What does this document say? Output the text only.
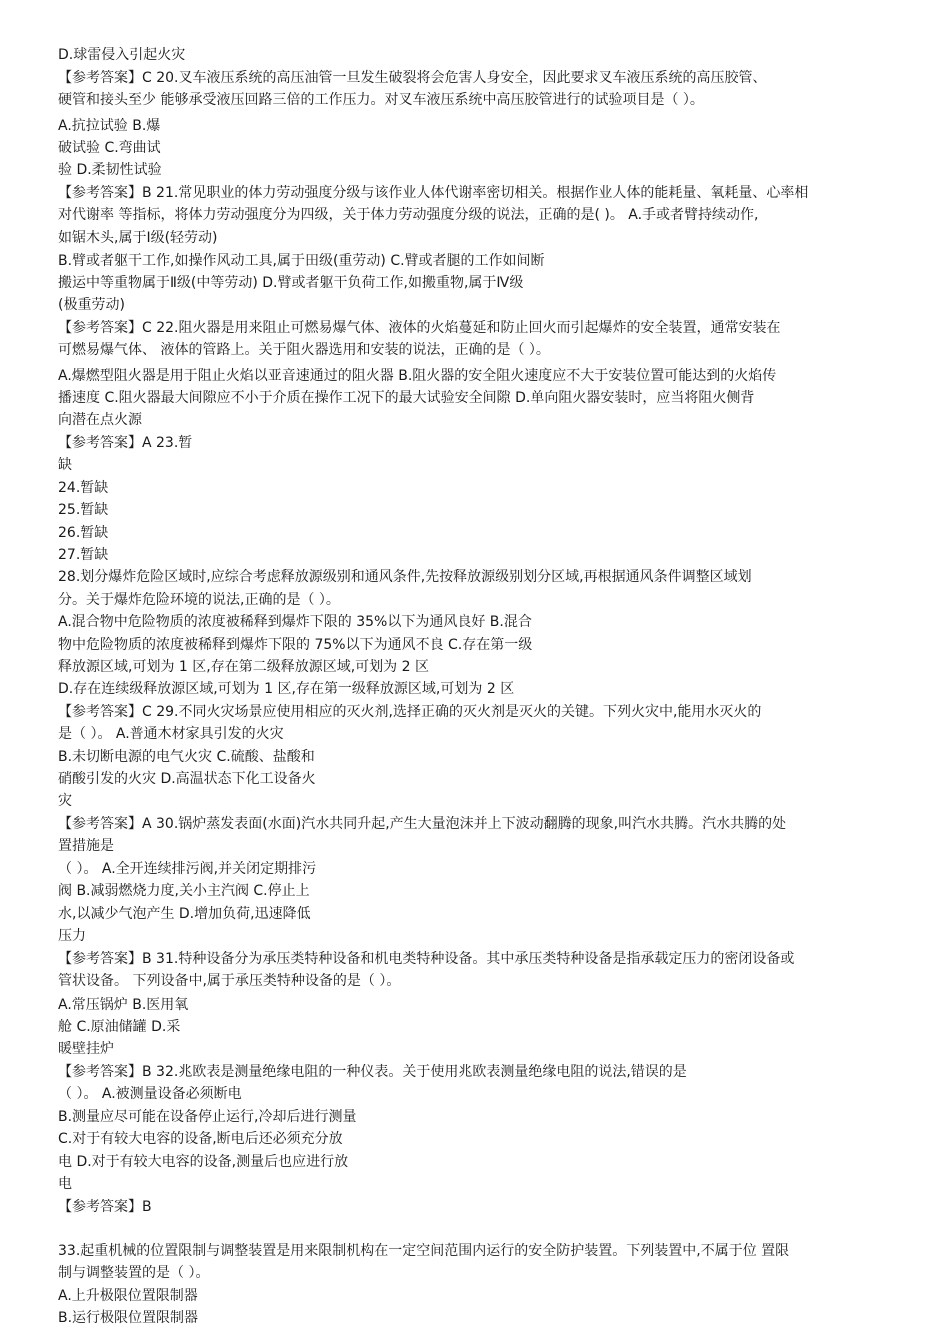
D.球雷侵入引起火灾
【参考答案】C 20.叉车液压系统的高压油管一旦发生破裂将会危害人身安全，因此要求叉车液压系统的高压胶管、
硬管和接头至少 能够承受液压回路三倍的工作压力。对叉车液压系统中高压胶管进行的试验项目是（ ）。
A.抗拉试验 B.爆
破试验 C.弯曲试
验 D.柔韧性试验
【参考答案】B 21.常见职业的体力劳动强度分级与该作业人体代谢率密切相关。根据作业人体的能耗量、氧耗量、心率相
对代谢率 等指标，将体力劳动强度分为四级，关于体力劳动强度分级的说法，正确的是( )。 A.手或者臂持续动作,
如锯木头,属于Ⅰ级(轻劳动)
B.臂或者躯干工作,如操作风动工具,属于田级(重劳动) C.臂或者腿的工作如间断
搬运中等重物属于Ⅱ级(中等劳动) D.臂或者躯干负荷工作,如搬重物,属于Ⅳ级
(极重劳动)
【参考答案】C 22.阻火器是用来阻止可燃易爆气体、液体的火焰蔓延和防止回火而引起爆炸的安全装置，通常安装在
可燃易爆气体、 液体的管路上。关于阻火器选用和安装的说法，正确的是（ ）。
A.爆燃型阻火器是用于阻止火焰以亚音速通过的阻火器 B.阻火器的安全阻火速度应不大于安装位置可能达到的火焰传
播速度 C.阻火器最大间隙应不小于介质在操作工况下的最大试验安全间隙 D.单向阻火器安装时，应当将阻火侧背
向潜在点火源
【参考答案】A 23.暂
缺
24.暂缺
25.暂缺
26.暂缺
27.暂缺
28.划分爆炸危险区域时,应综合考虑释放源级别和通风条件,先按释放源级别划分区域,再根据通风条件调整区域划
分。关于爆炸危险环境的说法,正确的是（ ）。
A.混合物中危险物质的浓度被稀释到爆炸下限的 35%以下为通风良好 B.混合
物中危险物质的浓度被稀释到爆炸下限的 75%以下为通风不良 C.存在第一级
释放源区域,可划为 1 区,存在第二级释放源区域,可划为 2 区
D.存在连续级释放源区域,可划为 1 区,存在第一级释放源区域,可划为 2 区
【参考答案】C 29.不同火灾场景应使用相应的灭火剂,选择正确的灭火剂是灭火的关键。下列火灾中,能用水灭火的
是（ ）。 A.普通木材家具引发的火灾
B.未切断电源的电气火灾 C.硫酸、盐酸和
硝酸引发的火灾 D.高温状态下化工设备火
灾
【参考答案】A 30.锅炉蒸发表面(水面)汽水共同升起,产生大量泡沫并上下波动翻腾的现象,叫汽水共腾。汽水共腾的处
置措施是
（ ）。 A.全开连续排污阀,并关闭定期排污
阀 B.减弱燃烧力度,关小主汽阀 C.停止上
水,以减少气泡产生 D.增加负荷,迅速降低
压力
【参考答案】B 31.特种设备分为承压类特种设备和机电类特种设备。其中承压类特种设备是指承载定压力的密闭设备或
管状设备。 下列设备中,属于承压类特种设备的是（ ）。
A.常压锅炉 B.医用氧
舱 C.原油储罐 D.采
暖壁挂炉
【参考答案】B 32.兆欧表是测量绝缘电阻的一种仪表。关于使用兆欧表测量绝缘电阻的说法,错误的是
（ ）。 A.被测量设备必须断电
B.测量应尽可能在设备停止运行,冷却后进行测量
C.对于有较大电容的设备,断电后还必须充分放
电 D.对于有较大电容的设备,测量后也应进行放
电
【参考答案】B
33.起重机械的位置限制与调整装置是用来限制机构在一定空间范围内运行的安全防护装置。下列装置中,不属于位 置限
制与调整装置的是（ ）。
A.上升极限位置限制器
B.运行极限位置限制器
